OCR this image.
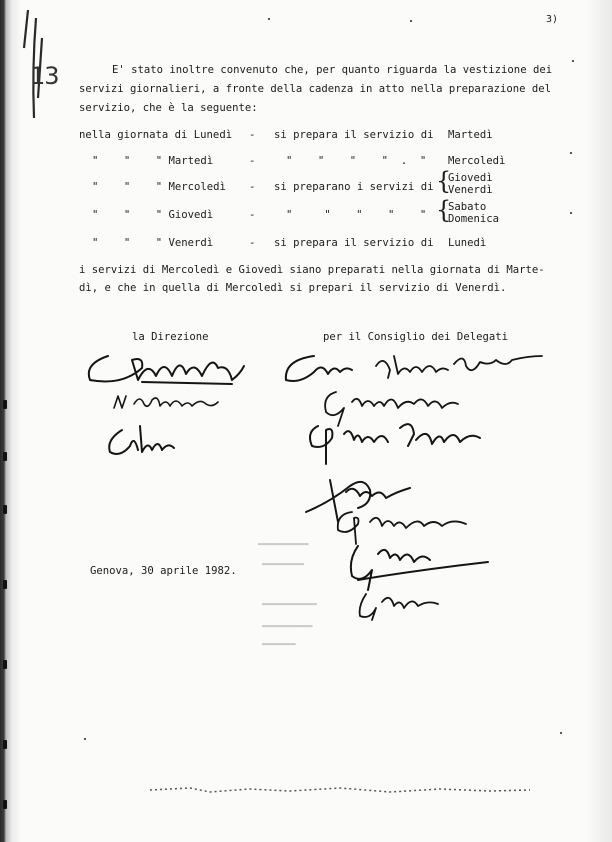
3)
13	E' stato inoltre convenuto che, per quanto riguarda la vestizione dei
servizi giornalieri, a fronte della cadenza in atto nella preparazione del
servizio, che è la seguente:
nella giornata di Lunedì - si prepara il servizio di Martedì
"    "    " Martedì	-	"    "    "    "  .  " Mercoledì
"    "    " Mercoledì - si preparano i servizi di {
Giovedì
Venerdì
"    "    " Giovedì	-	"     "    "    "    " {
Sabato
Domenica
"    "    " Venerdì	- si prepara il servizio di Lunedì
i servizi di Mercoledì e Giovedì siano preparati nella giornata di Marte-
dì, e che in quella di Mercoledì si prepari il servizio di Venerdì.
la Direzione	per il Consiglio dei Delegati
Genova, 30 aprile 1982.
▬▬▬▬▬▬▬▬▬▬▬▬
▬▬▬▬▬▬▬▬▬▬
▬▬▬▬▬▬▬▬▬▬▬▬▬
▬▬▬▬▬▬▬▬▬▬▬▬
▬▬▬▬▬▬▬▬
